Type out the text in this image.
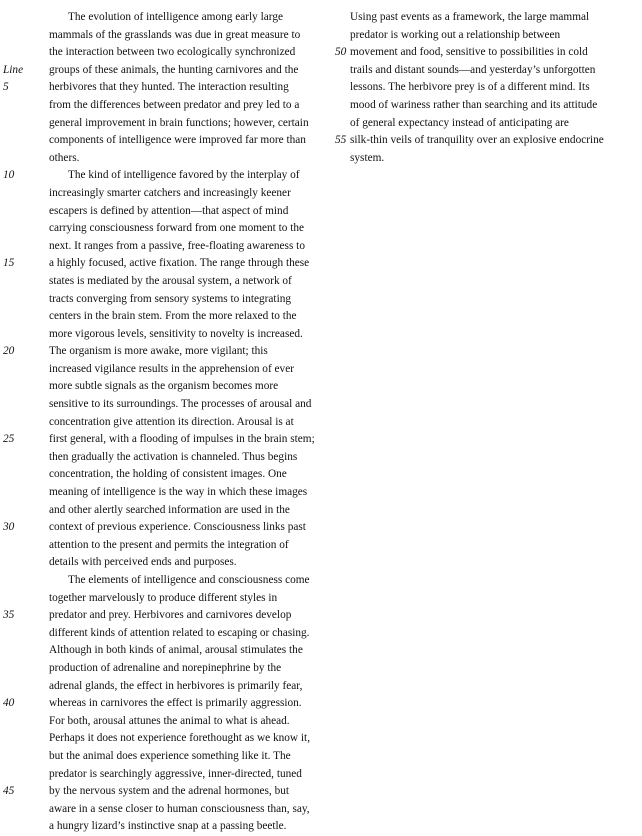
The evolution of intelligence among early large
mammals of the grasslands was due in great measure to
the interaction between two ecologically synchronized
Line	groups of these animals, the hunting carnivores and the
5	herbivores that they hunted. The interaction resulting
from the differences between predator and prey led to a
general improvement in brain functions; however, certain
components of intelligence were improved far more than
others.
10	The kind of intelligence favored by the interplay of
increasingly smarter catchers and increasingly keener
escapers is defined by attention—that aspect of mind
carrying consciousness forward from one moment to the
next. It ranges from a passive, free-floating awareness to
15	a highly focused, active fixation. The range through these
states is mediated by the arousal system, a network of
tracts converging from sensory systems to integrating
centers in the brain stem. From the more relaxed to the
more vigorous levels, sensitivity to novelty is increased.
20	The organism is more awake, more vigilant; this
increased vigilance results in the apprehension of ever
more subtle signals as the organism becomes more
sensitive to its surroundings. The processes of arousal and
concentration give attention its direction. Arousal is at
25	first general, with a flooding of impulses in the brain stem;
then gradually the activation is channeled. Thus begins
concentration, the holding of consistent images. One
meaning of intelligence is the way in which these images
and other alertly searched information are used in the
30	context of previous experience. Consciousness links past
attention to the present and permits the integration of
details with perceived ends and purposes.
The elements of intelligence and consciousness come
together marvelously to produce different styles in
35	predator and prey. Herbivores and carnivores develop
different kinds of attention related to escaping or chasing.
Although in both kinds of animal, arousal stimulates the
production of adrenaline and norepinephrine by the
adrenal glands, the effect in herbivores is primarily fear,
40	whereas in carnivores the effect is primarily aggression.
For both, arousal attunes the animal to what is ahead.
Perhaps it does not experience forethought as we know it,
but the animal does experience something like it. The
predator is searchingly aggressive, inner-directed, tuned
45	by the nervous system and the adrenal hormones, but
aware in a sense closer to human consciousness than, say,
a hungry lizard’s instinctive snap at a passing beetle.
Using past events as a framework, the large mammal
predator is working out a relationship between
50 movement and food, sensitive to possibilities in cold
trails and distant sounds—and yesterday’s unforgotten
lessons. The herbivore prey is of a different mind. Its
mood of wariness rather than searching and its attitude
of general expectancy instead of anticipating are
55 silk-thin veils of tranquility over an explosive endocrine
system.
